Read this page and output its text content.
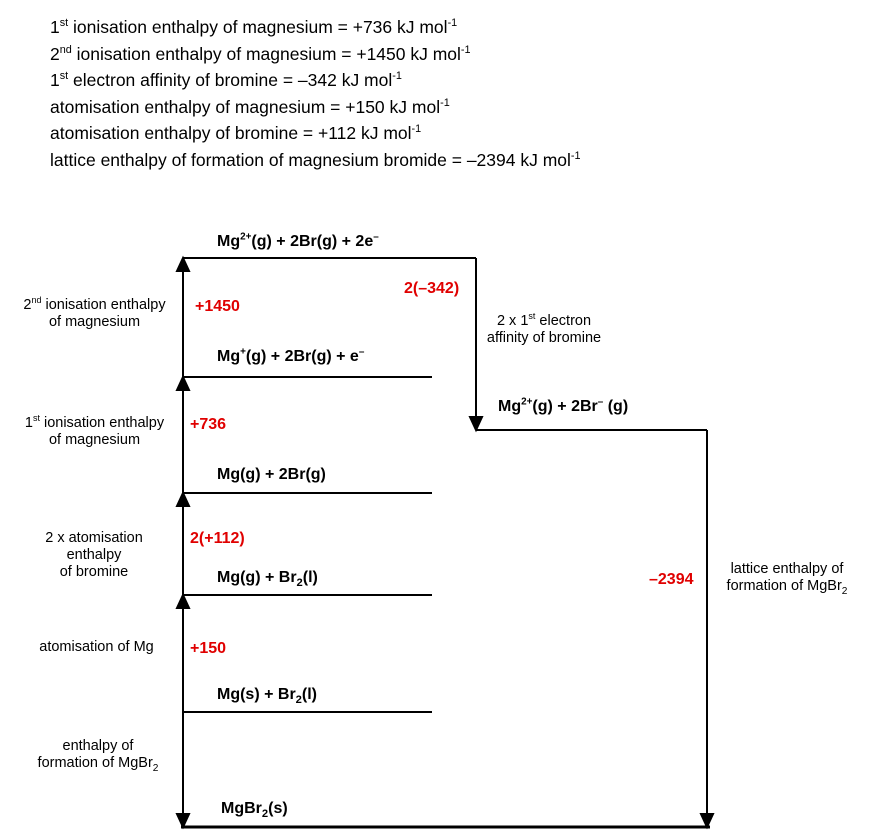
1st ionisation enthalpy of magnesium = +736 kJ mol$^{-1}$
2nd ionisation enthalpy of magnesium = +1450 kJ mol$^{-1}$
1st electron affinity of bromine = –342 kJ mol$^{-1}$
atomisation enthalpy of magnesium = +150 kJ mol$^{-1}$
atomisation enthalpy of bromine = +112 kJ mol$^{-1}$
lattice enthalpy of formation of magnesium bromide = –2394 kJ mol$^{-1}$
$Mg^{2+}(g) + 2Br(g) + 2e^-$
Mg+(g) + 2Br(g) + e–
$Mg^{2+}(g) + 2Br^-$ (g)
Mg(g) + 2Br(g)
$Mg(g) + Br_2(l)$
$Mg(s) + Br_2(l)$
MgBr$_2$(s)
+1450
+736
2(+112)
+150
2(–342)
–2394
2nd ionisation enthalpy
of magnesium
1st ionisation enthalpy
of magnesium
2 x atomisation
enthalpy
of bromine
atomisation of Mg
enthalpy of
formation of MgBr$_2$
2 x 1st electron
affinity of bromine
lattice enthalpy of
formation of MgBr$_2$
